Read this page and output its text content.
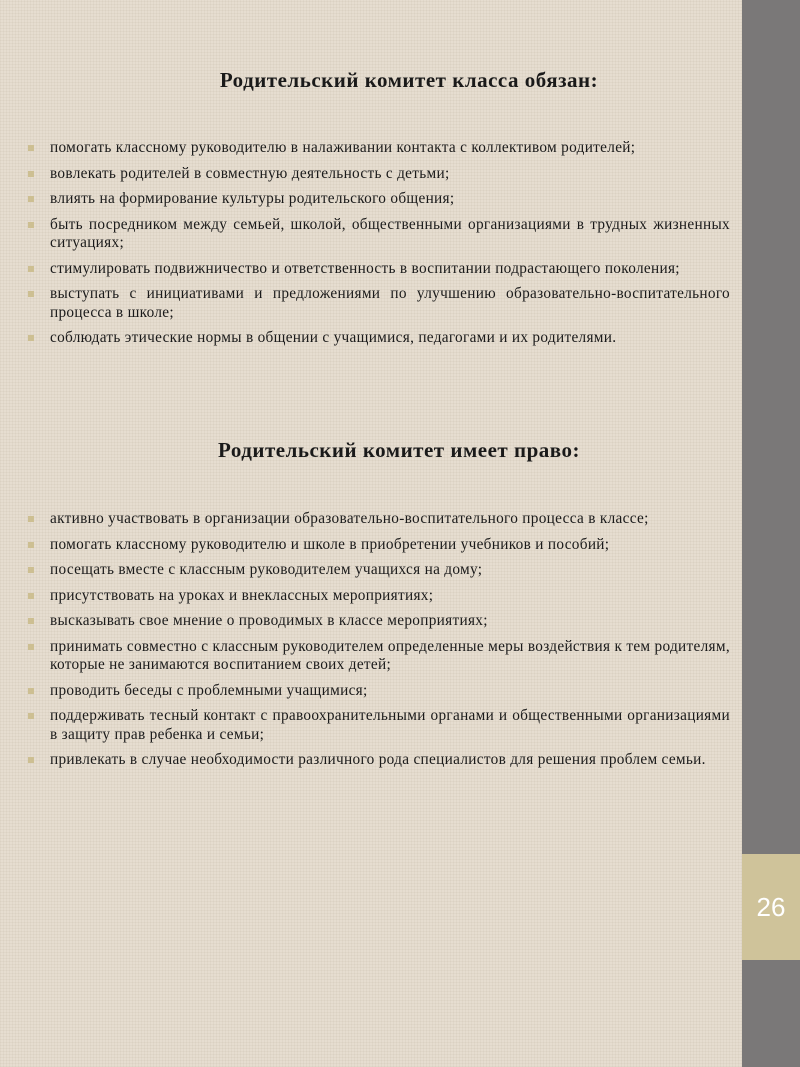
26
Родительский комитет класса обязан:
помогать классному руководителю в налаживании контакта с коллективом родителей;
вовлекать родителей в совместную деятельность с детьми;
влиять на формирование культуры родительского общения;
быть посредником между семьей, школой, общественными организациями в трудных жизненных ситуациях;
стимулировать подвижничество и ответственность в воспитании подрастающего поколения;
выступать с инициативами и предложениями по улучшению образовательно-воспитательного процесса в школе;
соблюдать этические нормы в общении с учащимися, педагогами и их родителями.
Родительский комитет имеет право:
активно участвовать в организации образовательно-воспитательного процесса в классе;
помогать классному руководителю и школе в приобретении учебников и пособий;
посещать вместе с классным руководителем учащихся на дому;
присутствовать на уроках и внеклассных мероприятиях;
высказывать свое мнение о проводимых в классе мероприятиях;
принимать совместно с классным руководителем определенные меры воздействия к тем родителям, которые не занимаются воспитанием своих детей;
проводить беседы с проблемными учащимися;
поддерживать тесный контакт с правоохранительными органами и общественными организациями в защиту прав ребенка и семьи;
привлекать в случае необходимости различного рода специалистов для решения проблем семьи.
